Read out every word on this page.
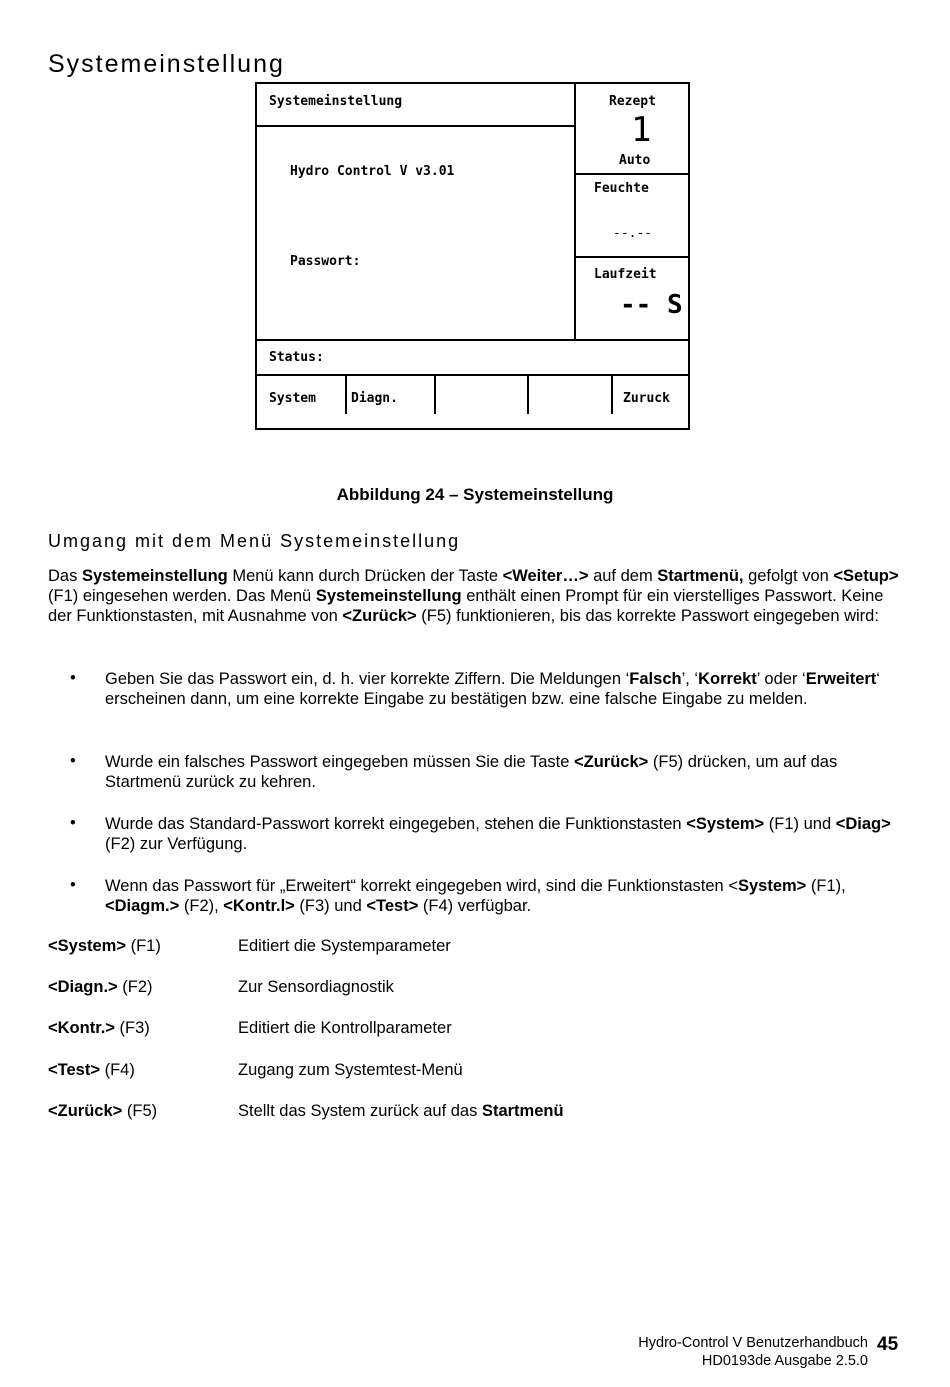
Systemeinstellung
Systemeinstellung	Rezept
1
Auto
Hydro Control V v3.01
Feuchte
--.--
Passwort:
Laufzeit
-- S
Status:
System	Diagn.	Zuruck
Abbildung 24 – Systemeinstellung
Umgang mit dem Menü Systemeinstellung
Das Systemeinstellung Menü kann durch Drücken der Taste <Weiter…> auf dem Startmenü, gefolgt von <Setup> (F1) eingesehen werden. Das Menü Systemeinstellung enthält einen Prompt für ein vierstelliges Passwort. Keine der Funktionstasten, mit Ausnahme von <Zurück> (F5) funktionieren, bis das korrekte Passwort eingegeben wird:
• Geben Sie das Passwort ein, d. h. vier korrekte Ziffern. Die Meldungen ‘Falsch’, ‘Korrekt’ oder ‘Erweitert‘ erscheinen dann, um eine korrekte Eingabe zu bestätigen bzw. eine falsche Eingabe zu melden.
• Wurde ein falsches Passwort eingegeben müssen Sie die Taste <Zurück> (F5) drücken, um auf das Startmenü zurück zu kehren.
• Wurde das Standard-Passwort korrekt eingegeben, stehen die Funktionstasten <System> (F1) und <Diag> (F2) zur Verfügung.
• Wenn das Passwort für „Erweitert“ korrekt eingegeben wird, sind die Funktionstasten <System> (F1), <Diagm.> (F2), <Kontr.l> (F3) und <Test> (F4) verfügbar.
<System> (F1)	Editiert die Systemparameter
<Diagn.> (F2)	Zur Sensordiagnostik
<Kontr.> (F3)	Editiert die Kontrollparameter
<Test> (F4)	Zugang zum Systemtest-Menü
<Zurück> (F5)	Stellt das System zurück auf das Startmenü
Hydro-Control V Benutzerhandbuch
HD0193de Ausgabe 2.5.0
45
